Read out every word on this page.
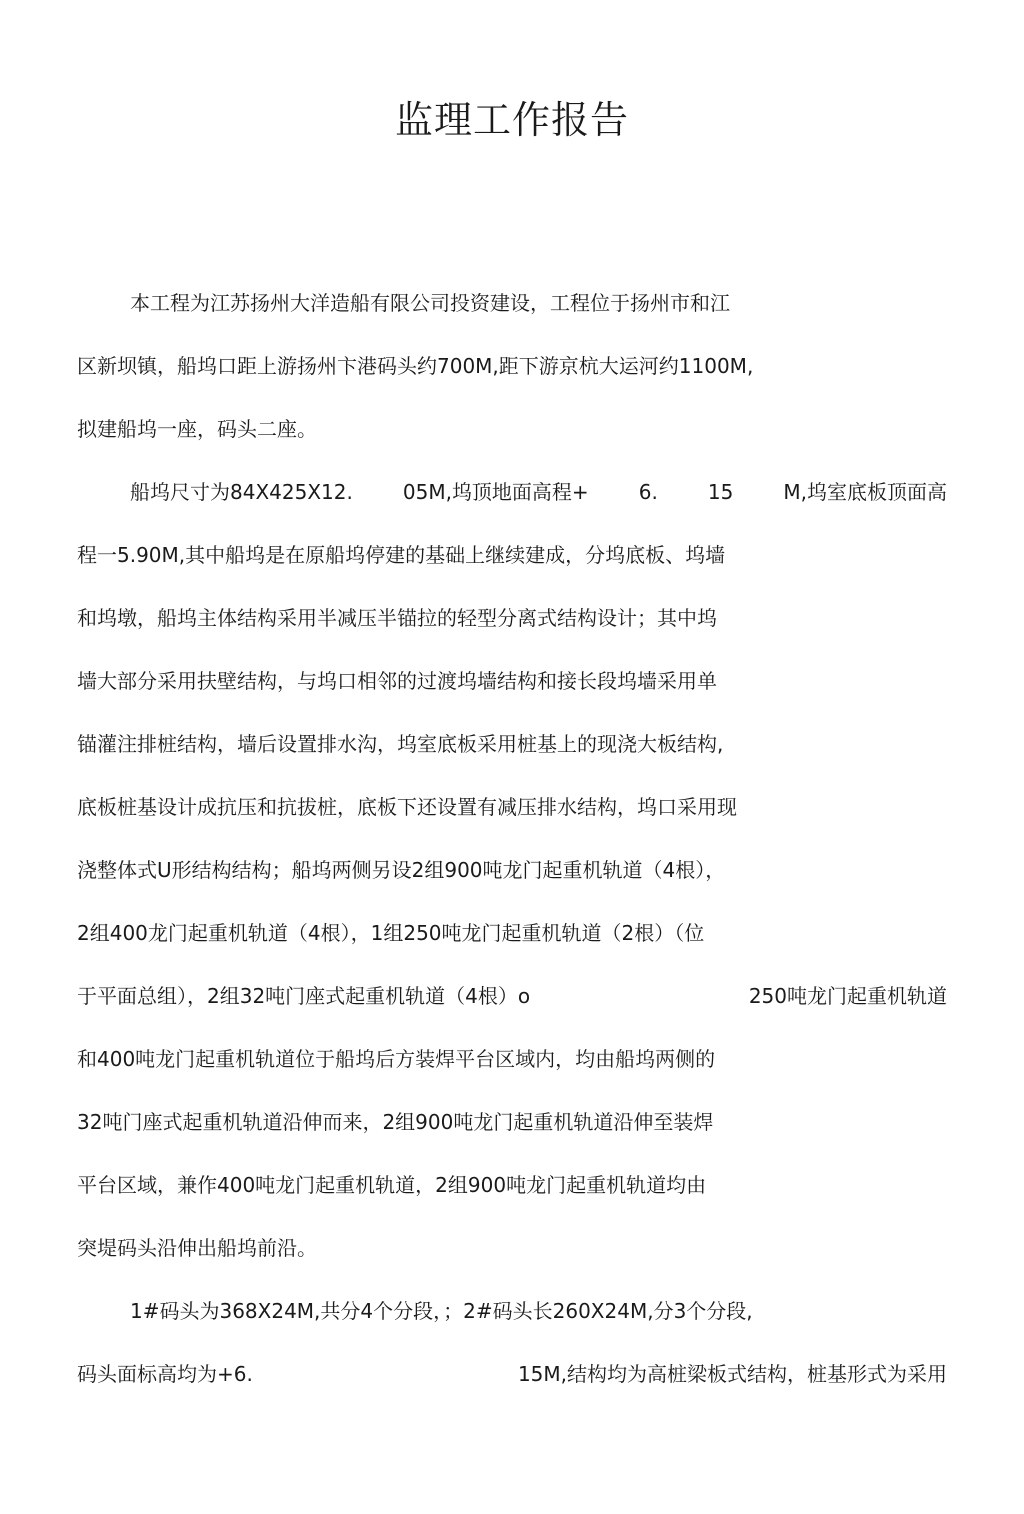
监理工作报告

本工程为江苏扬州大洋造船有限公司投资建设，工程位于扬州市和江

区新坝镇，船坞口距上游扬州卞港码头约700M,距下游京杭大运河约1100M,

拟建船坞一座，码头二座。

船坞尺寸为84X425X12.	05M,坞顶地面高程+	6.	15	M,坞室底板顶面高

程一5.90M,其中船坞是在原船坞停建的基础上继续建成，分坞底板、坞墙

和坞墩，船坞主体结构采用半减压半锚拉的轻型分离式结构设计；其中坞

墙大部分采用扶壁结构，与坞口相邻的过渡坞墙结构和接长段坞墙采用单

锚灌注排桩结构，墙后设置排水沟，坞室底板采用桩基上的现浇大板结构,

底板桩基设计成抗压和抗拔桩，底板下还设置有减压排水结构，坞口采用现

浇整体式U形结构结构；船坞两侧另设2组900吨龙门起重机轨道（4根），

2组400龙门起重机轨道（4根），1组250吨龙门起重机轨道（2根）（位

于平面总组），2组32吨门座式起重机轨道（4根）o	250吨龙门起重机轨道

和400吨龙门起重机轨道位于船坞后方装焊平台区域内，均由船坞两侧的

32吨门座式起重机轨道沿伸而来，2组900吨龙门起重机轨道沿伸至装焊

平台区域，兼作400吨龙门起重机轨道，2组900吨龙门起重机轨道均由

突堤码头沿伸出船坞前沿。

1#码头为368X24M,共分4个分段，；2#码头长260X24M,分3个分段,

码头面标高均为+6.	15M,结构均为高桩梁板式结构，桩基形式为采用
